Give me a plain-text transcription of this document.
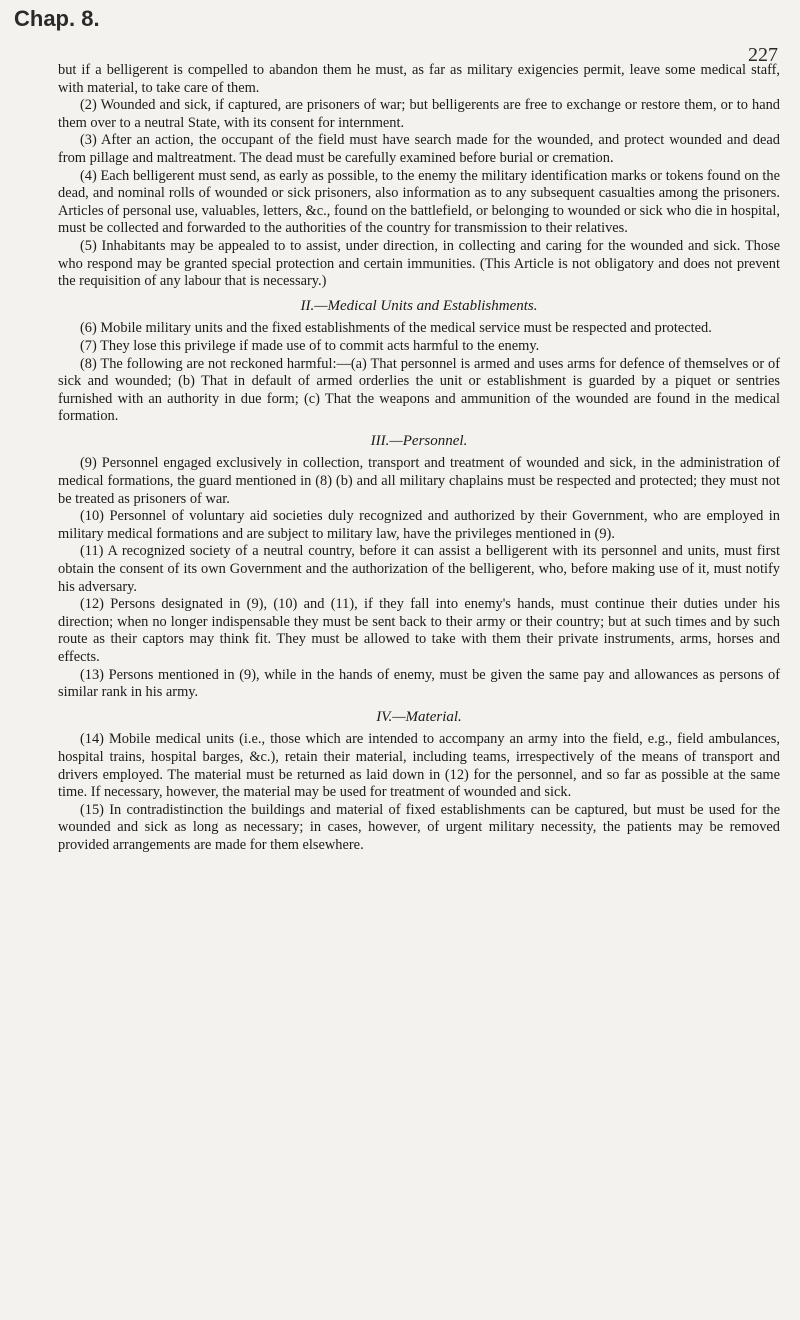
Chap. 8.
227

but if a belligerent is compelled to abandon them he must, as far as military exigencies permit, leave some medical staff, with material, to take care of them.

(2) Wounded and sick, if captured, are prisoners of war; but belligerents are free to exchange or restore them, or to hand them over to a neutral State, with its consent for internment.

(3) After an action, the occupant of the field must have search made for the wounded, and protect wounded and dead from pillage and maltreatment. The dead must be carefully examined before burial or cremation.

(4) Each belligerent must send, as early as possible, to the enemy the military identification marks or tokens found on the dead, and nominal rolls of wounded or sick prisoners, also information as to any subsequent casualties among the prisoners. Articles of personal use, valuables, letters, &c., found on the battlefield, or belonging to wounded or sick who die in hospital, must be collected and forwarded to the authorities of the country for transmission to their relatives.

(5) Inhabitants may be appealed to to assist, under direction, in collecting and caring for the wounded and sick. Those who respond may be granted special protection and certain immunities. (This Article is not obligatory and does not prevent the requisition of any labour that is necessary.)

II.—Medical Units and Establishments.

(6) Mobile military units and the fixed establishments of the medical service must be respected and protected.

(7) They lose this privilege if made use of to commit acts harmful to the enemy.

(8) The following are not reckoned harmful:—(a) That personnel is armed and uses arms for defence of themselves or of sick and wounded; (b) That in default of armed orderlies the unit or establishment is guarded by a piquet or sentries furnished with an authority in due form; (c) That the weapons and ammunition of the wounded are found in the medical formation.

III.—Personnel.

(9) Personnel engaged exclusively in collection, transport and treatment of wounded and sick, in the administration of medical formations, the guard mentioned in (8) (b) and all military chaplains must be respected and protected; they must not be treated as prisoners of war.

(10) Personnel of voluntary aid societies duly recognized and authorized by their Government, who are employed in military medical formations and are subject to military law, have the privileges mentioned in (9).

(11) A recognized society of a neutral country, before it can assist a belligerent with its personnel and units, must first obtain the consent of its own Government and the authorization of the belligerent, who, before making use of it, must notify his adversary.

(12) Persons designated in (9), (10) and (11), if they fall into enemy's hands, must continue their duties under his direction; when no longer indispensable they must be sent back to their army or their country; but at such times and by such route as their captors may think fit. They must be allowed to take with them their private instruments, arms, horses and effects.

(13) Persons mentioned in (9), while in the hands of enemy, must be given the same pay and allowances as persons of similar rank in his army.

IV.—Material.

(14) Mobile medical units (i.e., those which are intended to accompany an army into the field, e.g., field ambulances, hospital trains, hospital barges, &c.), retain their material, including teams, irrespectively of the means of transport and drivers employed. The material must be returned as laid down in (12) for the personnel, and so far as possible at the same time. If necessary, however, the material may be used for treatment of wounded and sick.

(15) In contradistinction the buildings and material of fixed establishments can be captured, but must be used for the wounded and sick as long as necessary; in cases, however, of urgent military necessity, the patients may be removed provided arrangements are made for them elsewhere.
